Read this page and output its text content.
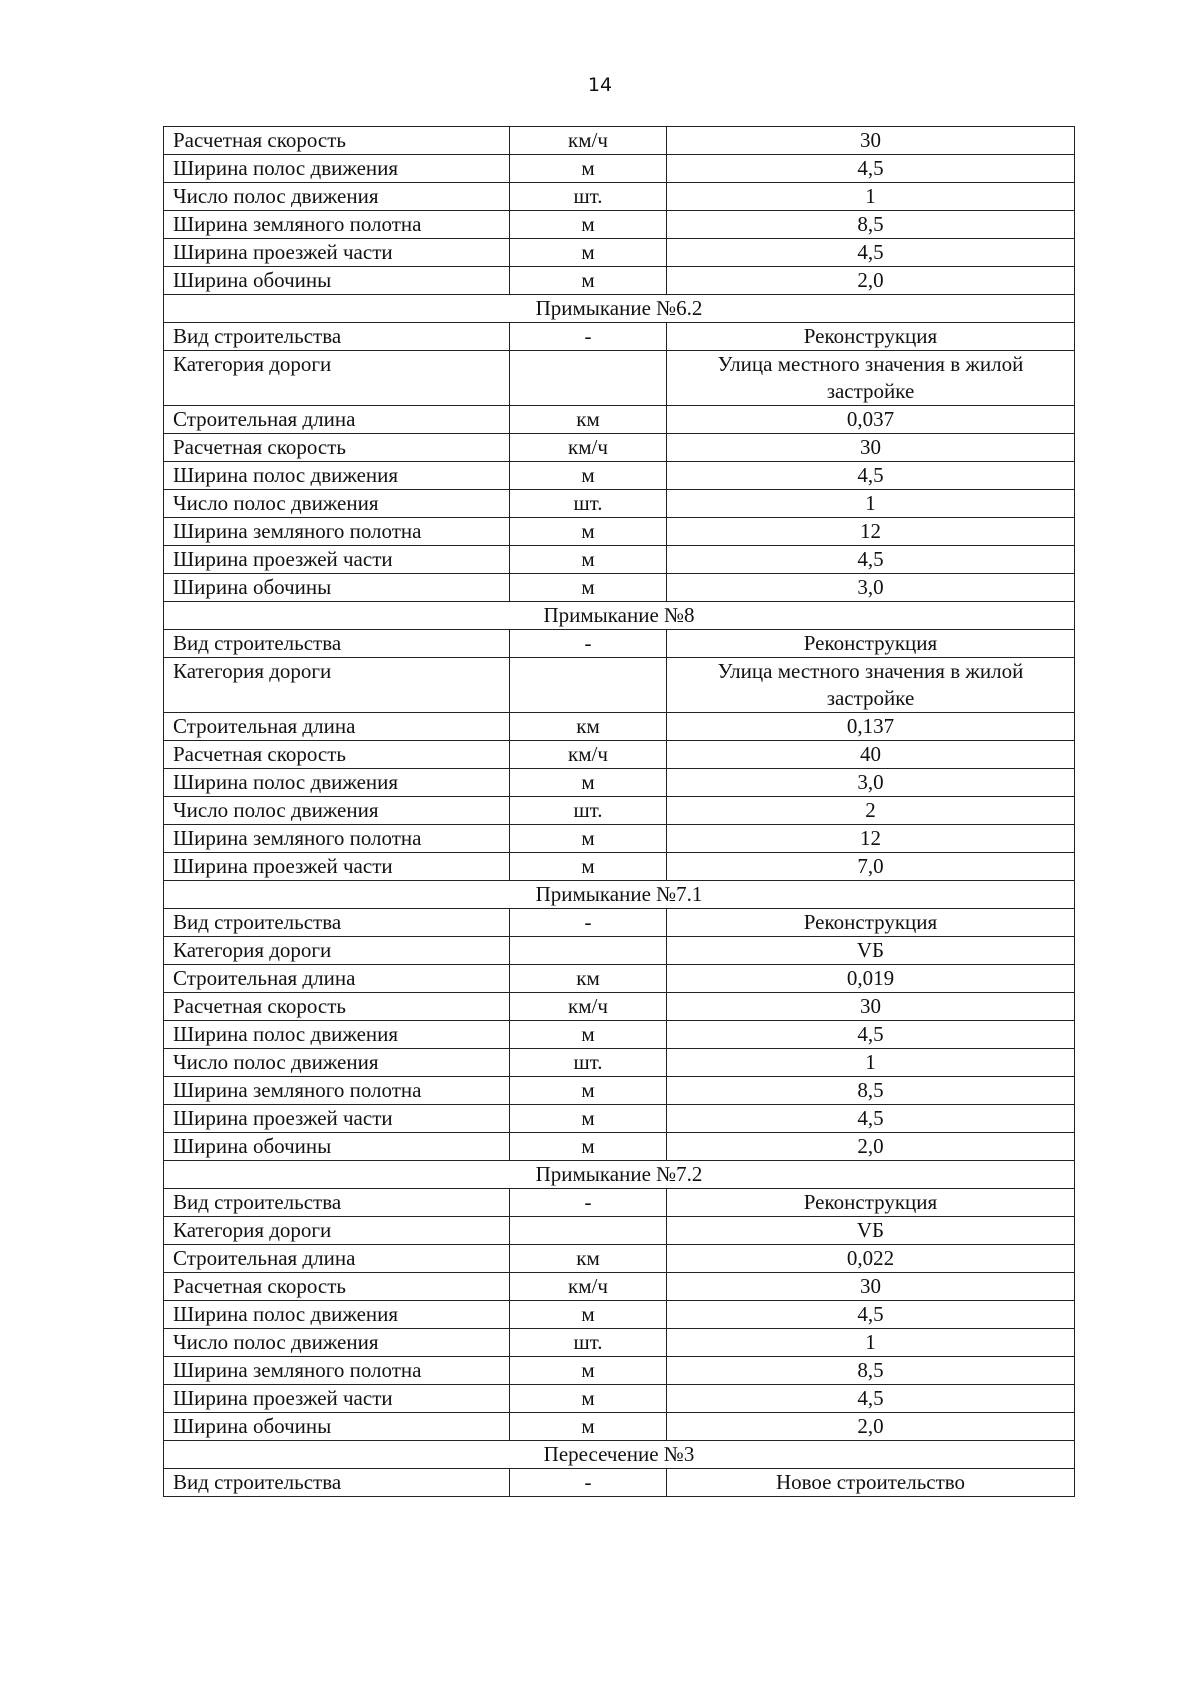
14
Расчетная скорость	км/ч	30
Ширина полос движения	м	4,5
Число полос движения	шт.	1
Ширина земляного полотна	м	8,5
Ширина проезжей части	м	4,5
Ширина обочины	м	2,0
Примыкание №6.2		
Вид строительства	-	Реконструкция
Категория дороги		Улица местного значения в жилой застройке
Строительная длина	км	0,037
Расчетная скорость	км/ч	30
Ширина полос движения	м	4,5
Число полос движения	шт.	1
Ширина земляного полотна	м	12
Ширина проезжей части	м	4,5
Ширина обочины	м	3,0
Примыкание №8		
Вид строительства	-	Реконструкция
Категория дороги		Улица местного значения в жилой застройке
Строительная длина	км	0,137
Расчетная скорость	км/ч	40
Ширина полос движения	м	3,0
Число полос движения	шт.	2
Ширина земляного полотна	м	12
Ширина проезжей части	м	7,0
Примыкание №7.1		
Вид строительства	-	Реконструкция
Категория дороги		VБ
Строительная длина	км	0,019
Расчетная скорость	км/ч	30
Ширина полос движения	м	4,5
Число полос движения	шт.	1
Ширина земляного полотна	м	8,5
Ширина проезжей части	м	4,5
Ширина обочины	м	2,0
Примыкание №7.2		
Вид строительства	-	Реконструкция
Категория дороги		VБ
Строительная длина	км	0,022
Расчетная скорость	км/ч	30
Ширина полос движения	м	4,5
Число полос движения	шт.	1
Ширина земляного полотна	м	8,5
Ширина проезжей части	м	4,5
Ширина обочины	м	2,0
Пересечение №3		
Вид строительства	-	Новое строительство
